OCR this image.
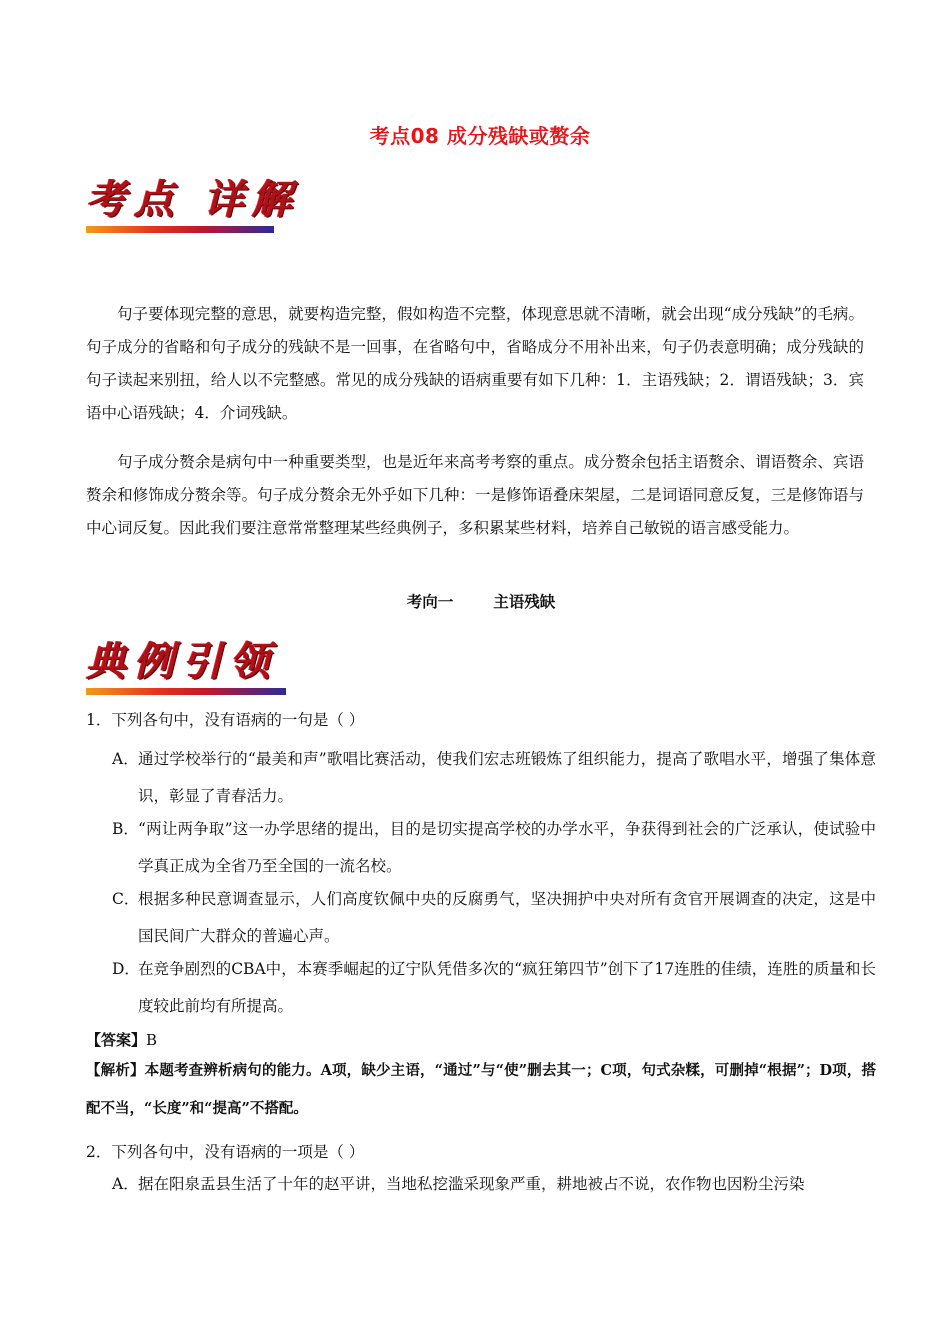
考点08 成分残缺或赘余
考点 详解
句子要体现完整的意思，就要构造完整，假如构造不完整，体现意思就不清晰，就会出现“成分残缺”的毛病。句子成分的省略和句子成分的残缺不是一回事，在省略句中，省略成分不用补出来，句子仍表意明确；成分残缺的句子读起来别扭，给人以不完整感。常见的成分残缺的语病重要有如下几种：1．主语残缺；2．谓语残缺；3．宾语中心语残缺；4．介词残缺。
句子成分赘余是病句中一种重要类型，也是近年来高考考察的重点。成分赘余包括主语赘余、谓语赘余、宾语赘余和修饰成分赘余等。句子成分赘余无外乎如下几种：一是修饰语叠床架屋，二是词语同意反复，三是修饰语与中心词反复。因此我们要注意常常整理某些经典例子，多积累某些材料，培养自己敏锐的语言感受能力。
考向一	主语残缺
典例引领
1．下列各句中，没有语病的一句是（ ）
A． 通过学校举行的“最美和声”歌唱比赛活动，使我们宏志班锻炼了组织能力，提高了歌唱水平，增强了集体意识，彰显了青春活力。
B． “两让两争取”这一办学思绪的提出，目的是切实提高学校的办学水平，争获得到社会的广泛承认，使试验中学真正成为全省乃至全国的一流名校。
C．
根据多种民意调查显示，人们高度钦佩中央的反腐勇气，坚决拥护中央对所有贪官开展调查的决定，这是中国民间广大群众的普遍心声。
D．
在竞争剧烈的CBA中，本赛季崛起的辽宁队凭借多次的“疯狂第四节”创下了17连胜的佳绩，连胜的质量和长度较此前均有所提高。
【答案】B
【解析】本题考查辨析病句的能力。A项，缺少主语，“通过”与“使”删去其一；C项，句式杂糅，可删掉“根据”；D项，搭配不当，“长度”和“提高”不搭配。
2．下列各句中，没有语病的一项是（ ）
A． 据在阳泉盂县生活了十年的赵平讲，当地私挖滥采现象严重，耕地被占不说，农作物也因粉尘污染
